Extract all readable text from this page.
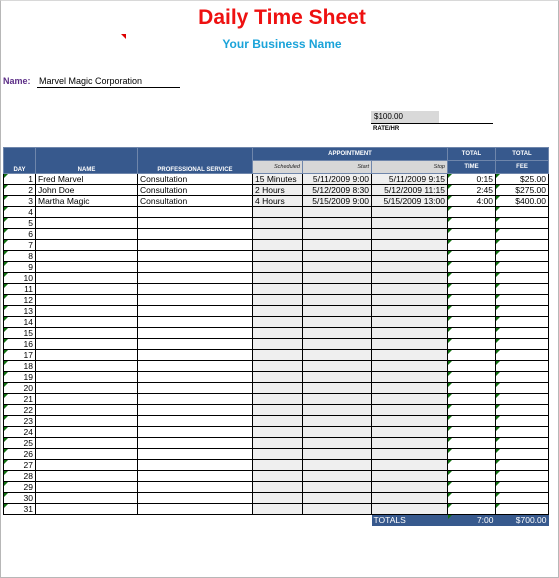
Daily Time Sheet
Your Business Name
Name: Marvel Magic Corporation
$100.00
RATE/HR
DAY	NAME	PROFESSIONAL SERVICE	APPOINTMENT			TOTAL	TOTAL
			Scheduled	Start	Stop	TIME	FEE

1	Fred Marvel	Consultation	15 Minutes	5/11/2009 9:00	5/11/2009 9:15	0:15	$25.00

2	John Doe	Consultation	2 Hours	5/12/2009 8:30	5/12/2009 11:15	2:45	$275.00

3	Martha Magic	Consultation	4 Hours	5/15/2009 9:00	5/15/2009 13:00	4:00	$400.00

4						

5						

6						

7						

8						

9						

10						

11						

12						

13						

14						

15						

16						

17						

18						

19						

20						

21						

22						

23						

24						

25						

26						

27						

28						

29						

30						

31						

					TOTALS	7:00	$700.00
